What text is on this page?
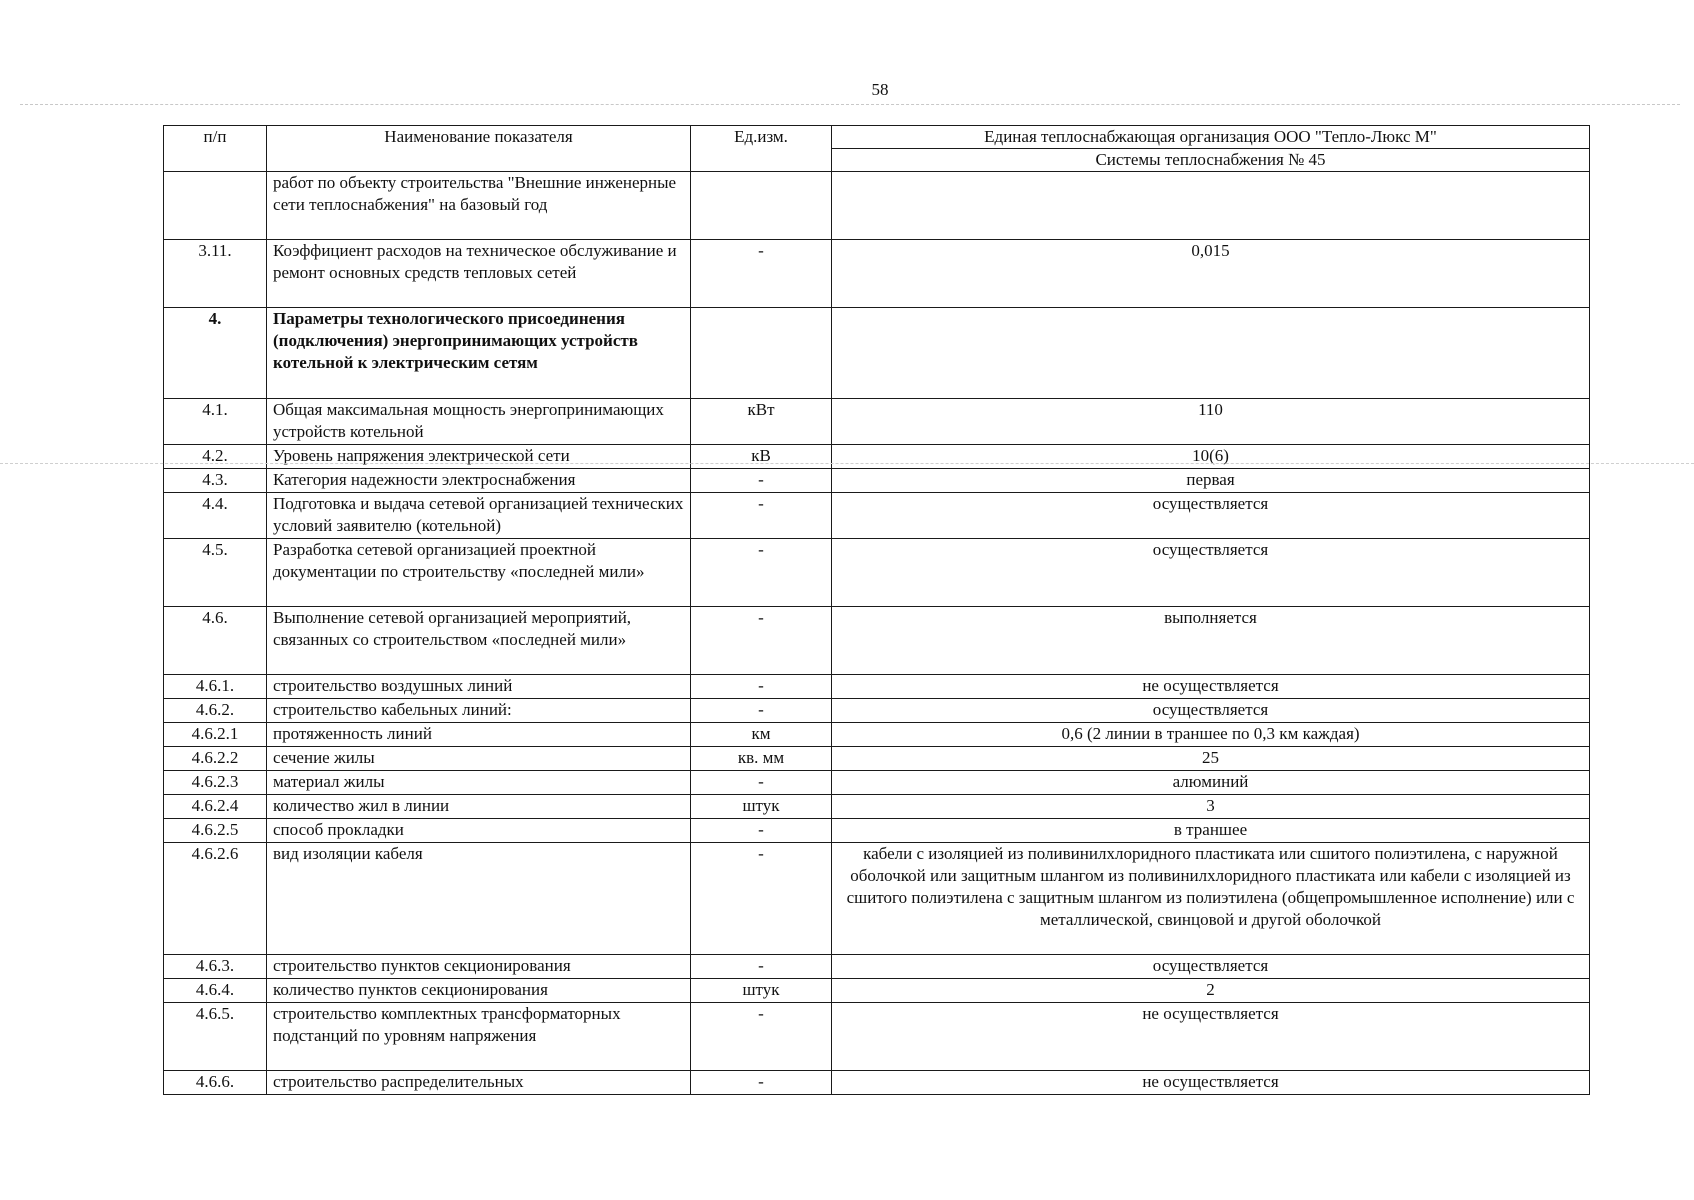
58
п/п	Наименование показателя	Ед.изм.	Единая теплоснабжающая организация ООО "Тепло-Люкс М"
			Системы теплоснабжения № 45
	работ по объекту строительства "Внешние инженерные сети теплоснабжения" на базовый год		
3.11.	Коэффициент расходов на техническое обслуживание и ремонт основных средств тепловых сетей	-	0,015
4.	Параметры технологического присоединения (подключения) энергопринимающих устройств котельной к электрическим сетям		
4.1.	Общая максимальная мощность энергопринимающих устройств котельной	кВт	110
4.2.	Уровень напряжения электрической сети	кВ	10(6)
4.3.	Категория надежности электроснабжения	-	первая
4.4.	Подготовка и выдача сетевой организацией технических условий заявителю (котельной)	-	осуществляется
4.5.	Разработка сетевой организацией проектной документации по строительству «последней мили»	-	осуществляется
4.6.	Выполнение сетевой организацией мероприятий, связанных со строительством «последней мили»	-	выполняется
4.6.1.	строительство воздушных линий	-	не осуществляется
4.6.2.	строительство кабельных линий:	-	осуществляется
4.6.2.1	протяженность линий	км	0,6 (2 линии в траншее по 0,3 км каждая)
4.6.2.2	сечение жилы	кв. мм	25
4.6.2.3	материал жилы	-	алюминий
4.6.2.4	количество жил в линии	штук	3
4.6.2.5	способ прокладки	-	в траншее
4.6.2.6	вид изоляции кабеля	-	кабели с изоляцией из поливинилхлоридного пластиката или сшитого полиэтилена, с наружной оболочкой или защитным шлангом из поливинилхлоридного пластиката или кабели с изоляцией из сшитого полиэтилена с защитным шлангом из полиэтилена (общепромышленное исполнение) или с металлической, свинцовой и другой оболочкой
4.6.3.	строительство пунктов секционирования	-	осуществляется
4.6.4.	количество пунктов секционирования	штук	2
4.6.5.	строительство комплектных трансформаторных подстанций по уровням напряжения	-	не осуществляется
4.6.6.	строительство распределительных	-	не осуществляется
